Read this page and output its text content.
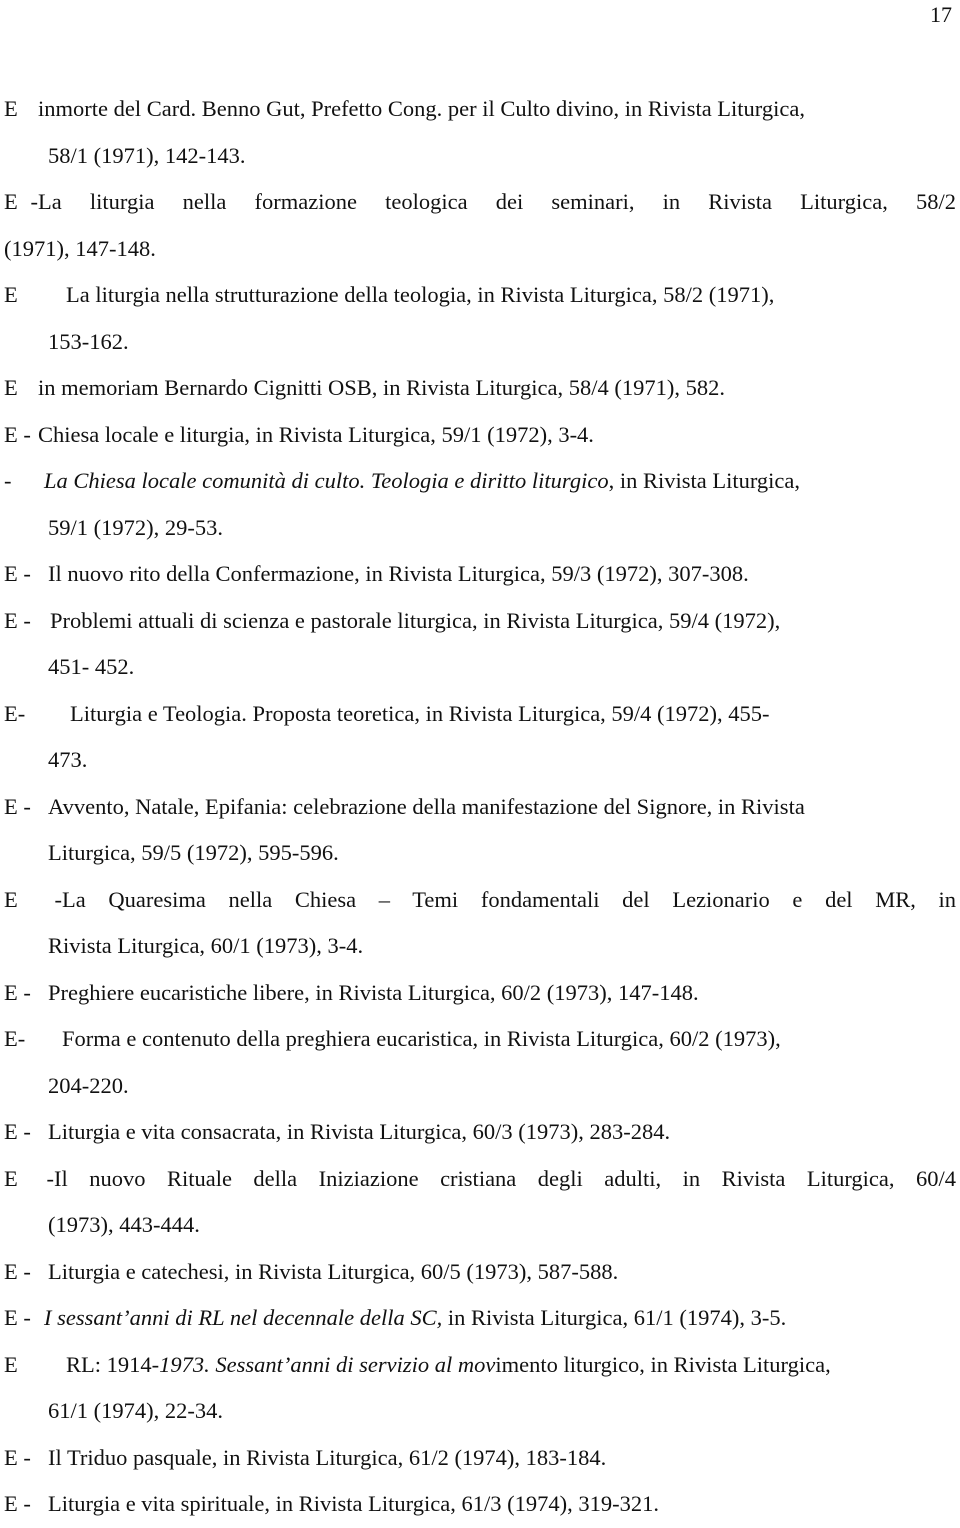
17
E inmorte del Card. Benno Gut, Prefetto Cong. per il Culto divino, in Rivista Liturgica,
58/1 (1971), 142-143.
E -La liturgia nella formazione teologica dei seminari, in Rivista Liturgica, 58/2
(1971), 147-148.
E La liturgia nella strutturazione della teologia, in Rivista Liturgica, 58/2 (1971),
153-162.
E in memoriam Bernardo Cignitti OSB, in Rivista Liturgica, 58/4 (1971), 582.
E - Chiesa locale e liturgia, in Rivista Liturgica, 59/1 (1972), 3-4.
- La Chiesa locale comunità di culto. Teologia e diritto liturgico, in Rivista Liturgica,
59/1 (1972), 29-53.
E - Il nuovo rito della Confermazione, in Rivista Liturgica, 59/3 (1972), 307-308.
E - Problemi attuali di scienza e pastorale liturgica, in Rivista Liturgica, 59/4 (1972),
451- 452.
E- Liturgia e Teologia. Proposta teoretica, in Rivista Liturgica, 59/4 (1972), 455-
473.
E - Avvento, Natale, Epifania: celebrazione della manifestazione del Signore, in Rivista
Liturgica, 59/5 (1972), 595-596.
E -La Quaresima nella Chiesa – Temi fondamentali del Lezionario e del MR, in
Rivista Liturgica, 60/1 (1973), 3-4.
E - Preghiere eucaristiche libere, in Rivista Liturgica, 60/2 (1973), 147-148.
E- Forma e contenuto della preghiera eucaristica, in Rivista Liturgica, 60/2 (1973),
204-220.
E - Liturgia e vita consacrata, in Rivista Liturgica, 60/3 (1973), 283-284.
E -Il nuovo Rituale della Iniziazione cristiana degli adulti, in Rivista Liturgica, 60/4
(1973), 443-444.
E - Liturgia e catechesi, in Rivista Liturgica, 60/5 (1973), 587-588.
E - I sessant’anni di RL nel decennale della SC, in Rivista Liturgica, 61/1 (1974), 3-5.
E RL: 1914-1973. Sessant’anni di servizio al movimento liturgico, in Rivista Liturgica,
61/1 (1974), 22-34.
E - Il Triduo pasquale, in Rivista Liturgica, 61/2 (1974), 183-184.
E - Liturgia e vita spirituale, in Rivista Liturgica, 61/3 (1974), 319-321.
